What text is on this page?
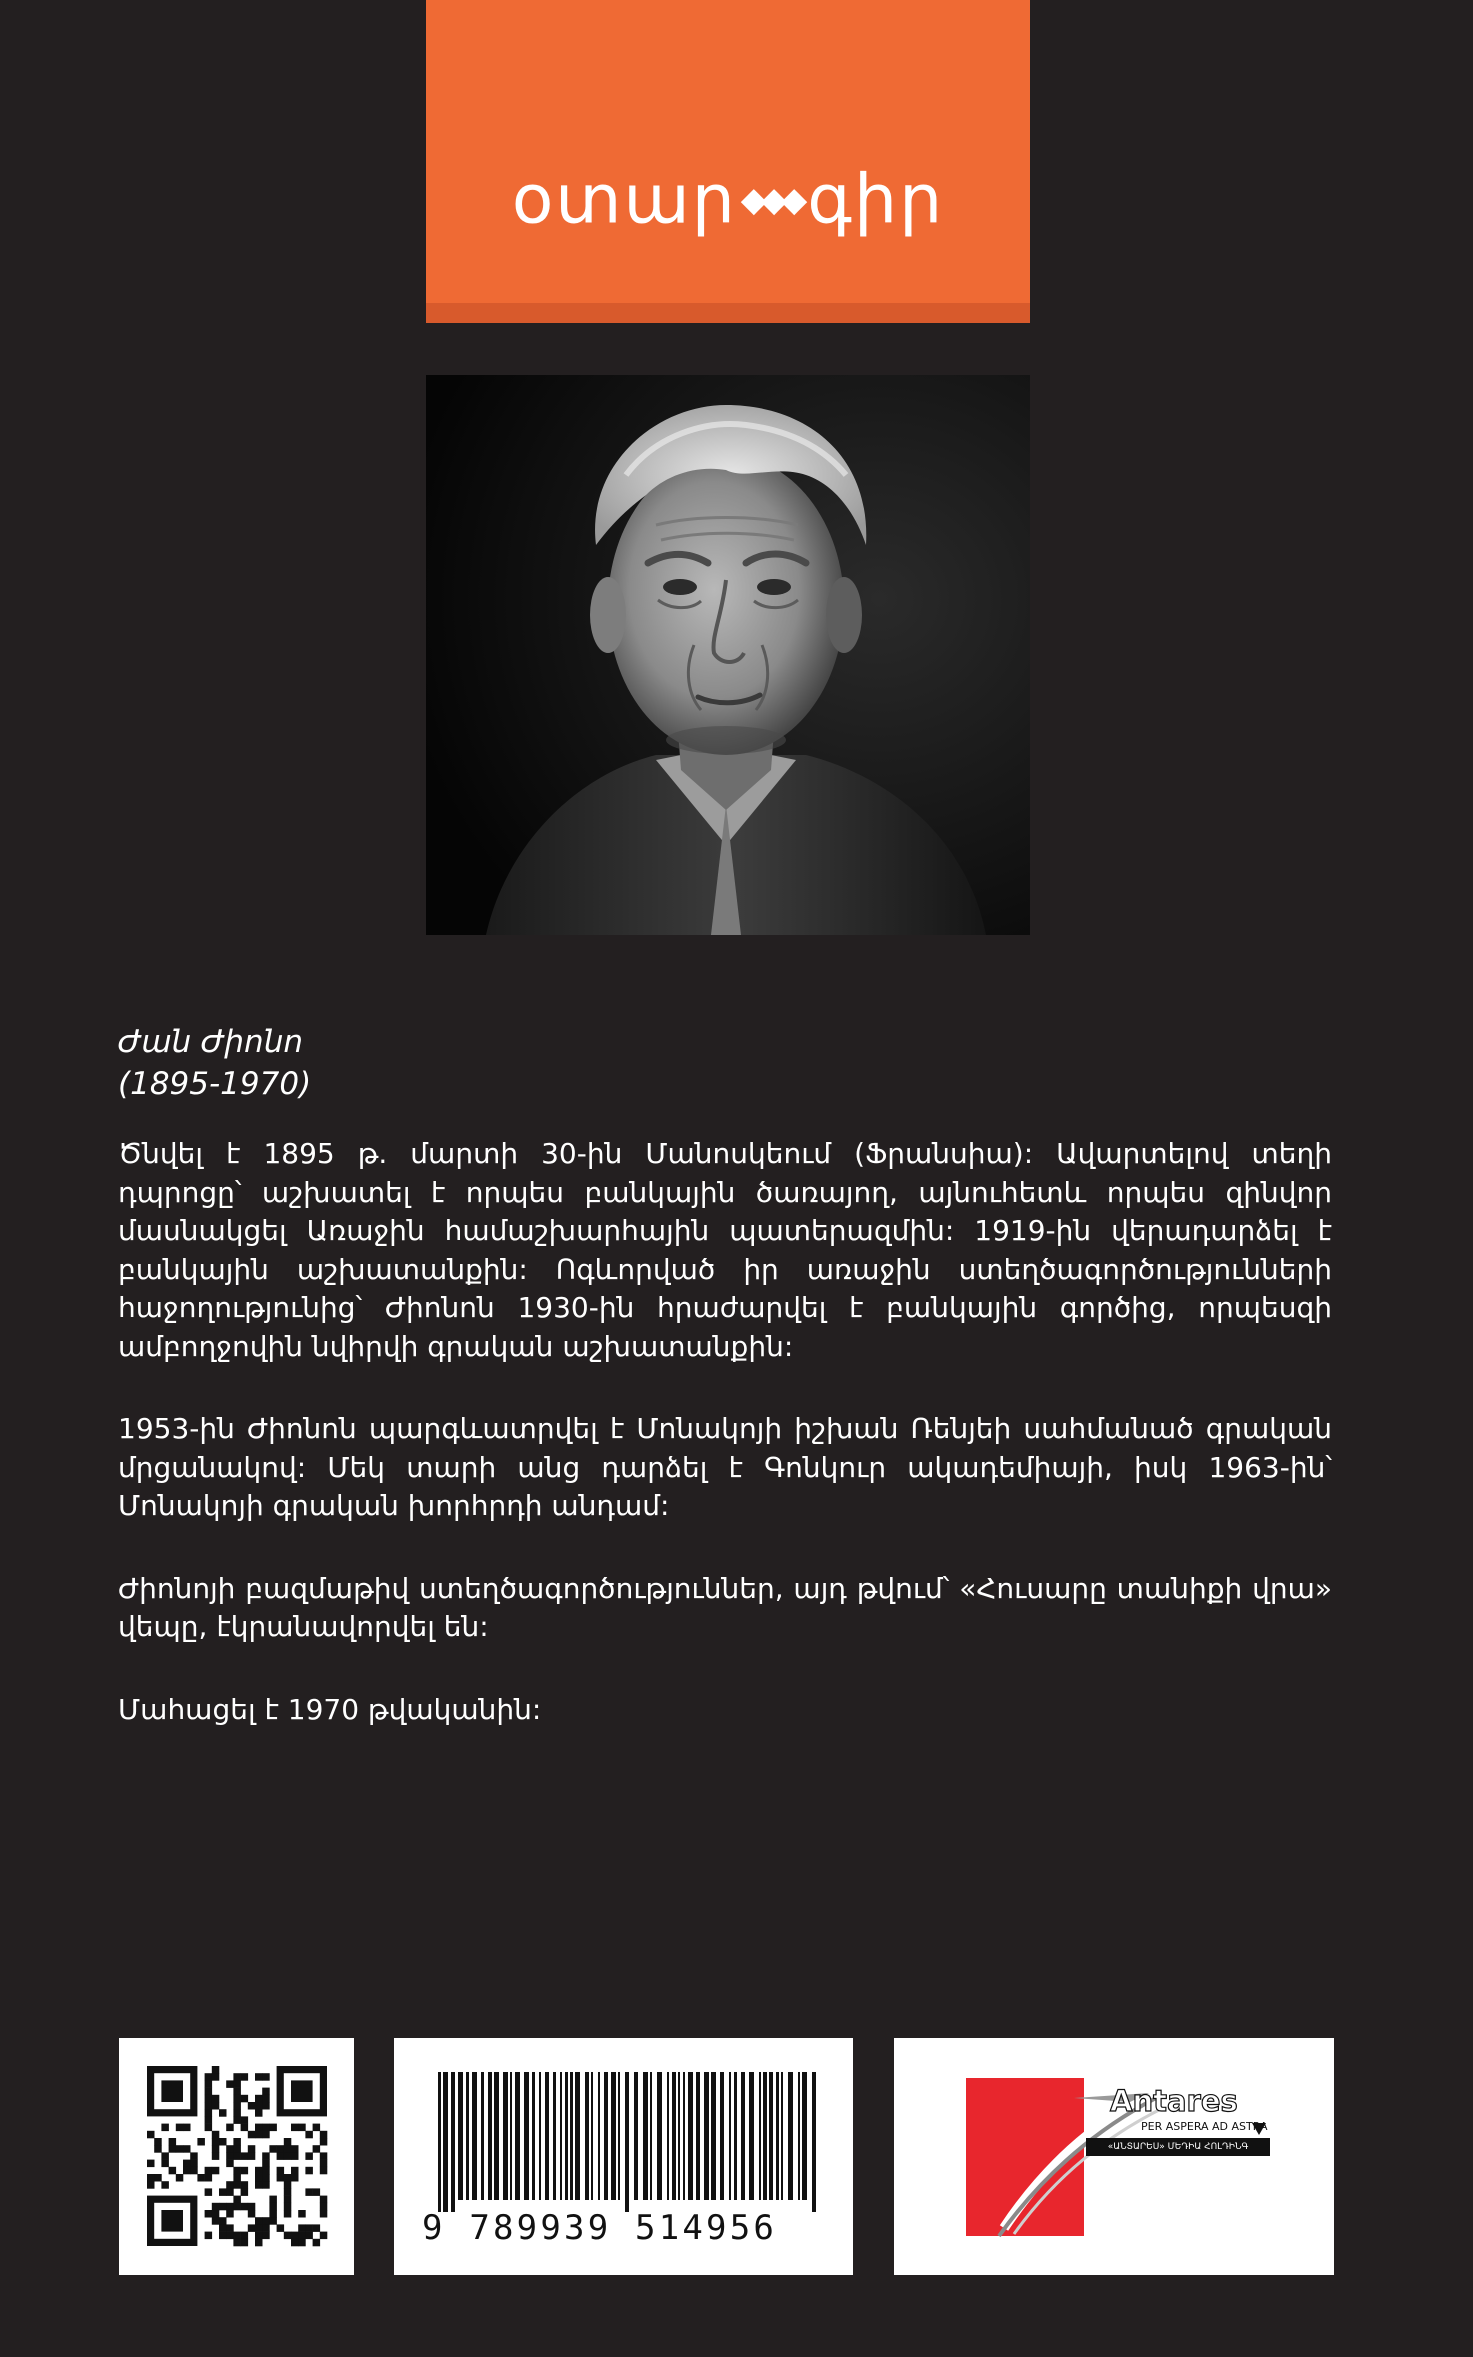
օտար ◆◆◆գիր
Ժան Ժիոնո
(1895-1970)

Ծնվել է 1895 թ. մարտի 30-ին Մանոսկեում (Ֆրանսիա): Ավարտելով տեղի դպրոցը՝ աշխատել է որպես բանկային ծառայող, այնուհետև որպես զինվոր մասնակցել Առաջին համաշխարհային պատերազմին: 1919-ին վերադարձել է բանկային աշխատանքին: Ոգևորված իր առաջին ստեղծագործությունների հաջողությունից՝ Ժիոնոն 1930-ին հրաժարվել է բանկային գործից, որպեսզի ամբողջովին նվիրվի գրական աշխատանքին:

1953-ին Ժիոնոն պարգևատրվել է Մոնակոյի իշխան Ռենյեի սահմանած գրական մրցանակով: Մեկ տարի անց դարձել է Գոնկուր ակադեմիայի, իսկ 1963-ին՝ Մոնակոյի գրական խորհրդի անդամ:

Ժիոնոյի բազմաթիվ ստեղծագործություններ, այդ թվում՝ «Հուսարը տանիքի վրա» վեպը, էկրանավորվել են:

Մահացել է 1970 թվականին:

9 789939 514956
Antares
PER ASPERA AD ASTRA
«ԱՆՏԱՐԵՍ» ՄԵԴԻԱ ՀՈԼԴԻՆԳ
